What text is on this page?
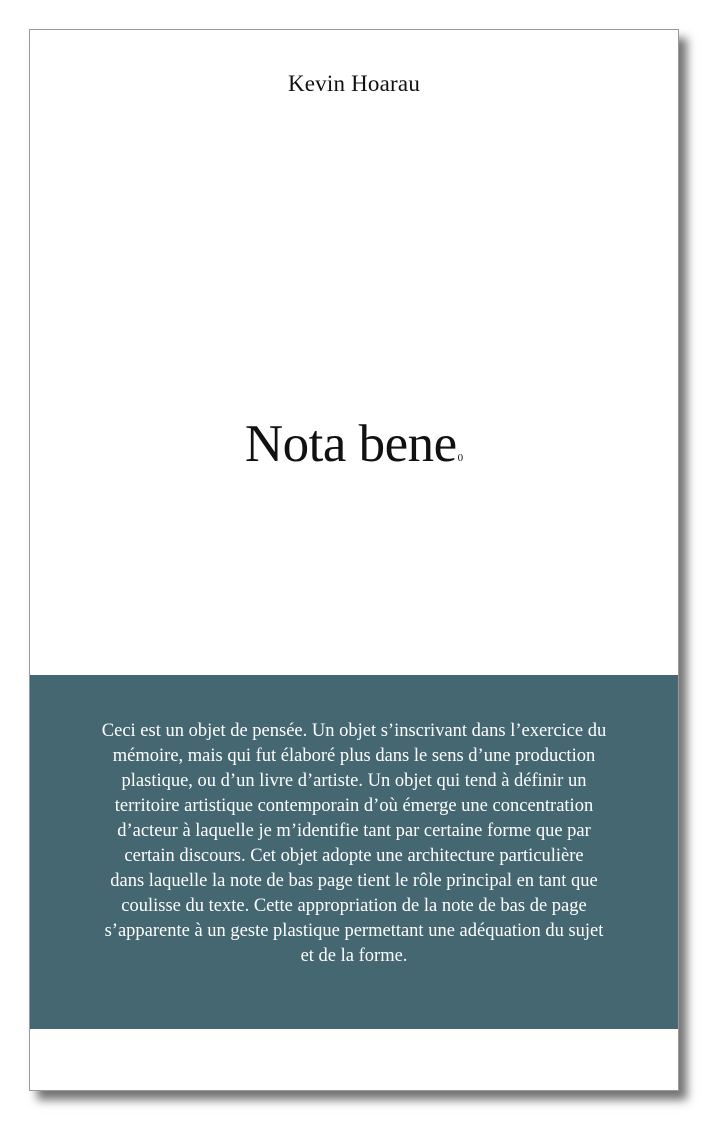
Kevin Hoarau
Nota bene0
Ceci est un objet de pensée. Un objet s’inscrivant dans l’exercice du
mémoire, mais qui fut élaboré plus dans le sens d’une production
plastique, ou d’un livre d’artiste. Un objet qui tend à définir un
territoire artistique contemporain d’où émerge une concentration
d’acteur à laquelle je m’identifie tant par certaine forme que par
certain discours. Cet objet adopte une architecture particulière
dans laquelle la note de bas page tient le rôle principal en tant que
coulisse du texte. Cette appropriation de la note de bas de page
s’apparente à un geste plastique permettant une adéquation du sujet
et de la forme.
